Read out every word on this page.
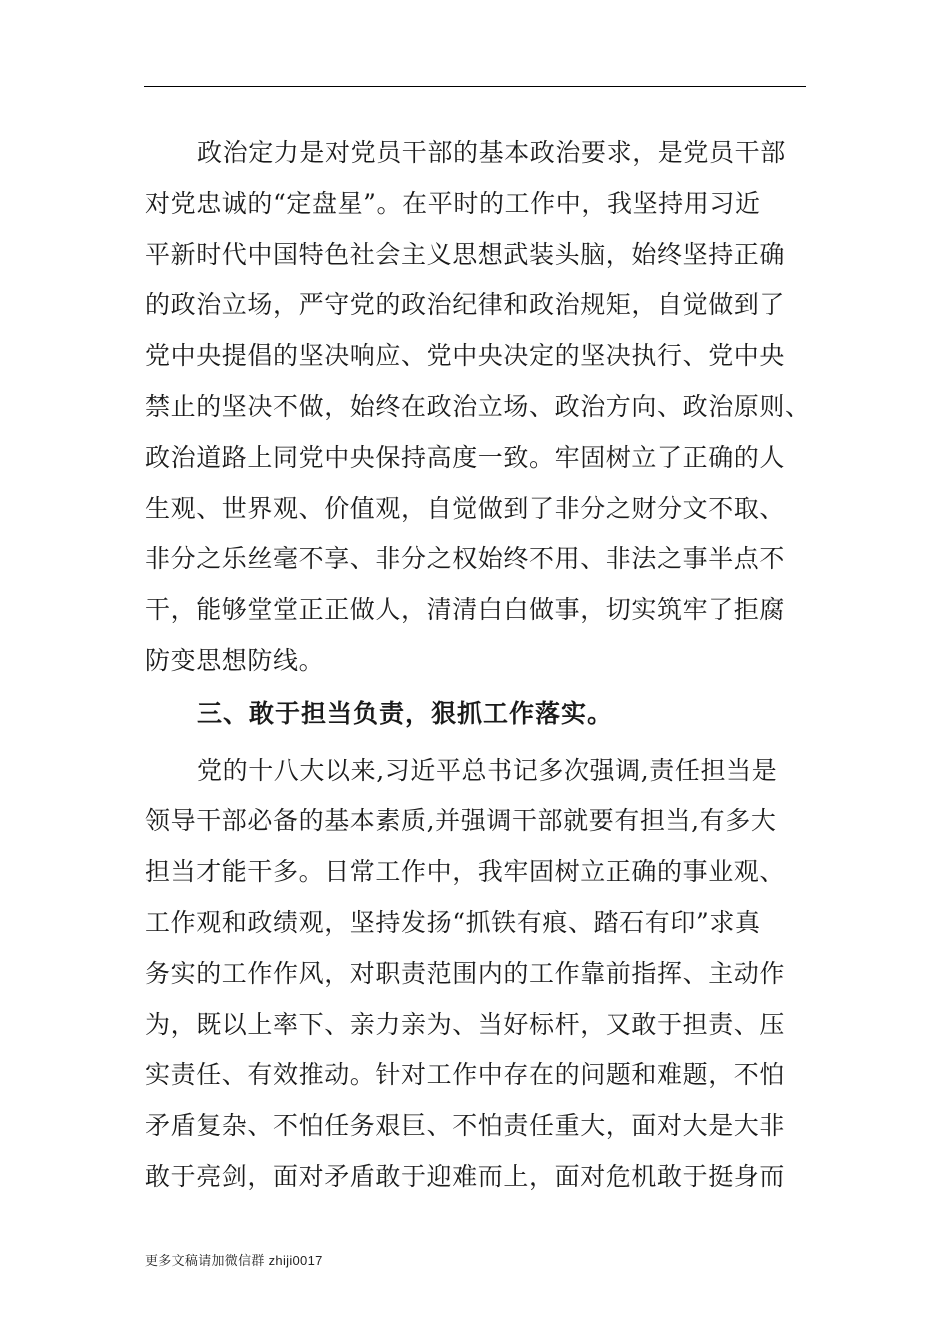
政治定力是对党员干部的基本政治要求，是党员干部
对党忠诚的“定盘星”。在平时的工作中，我坚持用习近
平新时代中国特色社会主义思想武装头脑，始终坚持正确
的政治立场，严守党的政治纪律和政治规矩，自觉做到了
党中央提倡的坚决响应、党中央决定的坚决执行、党中央
禁止的坚决不做，始终在政治立场、政治方向、政治原则、
政治道路上同党中央保持高度一致。牢固树立了正确的人
生观、世界观、价值观，自觉做到了非分之财分文不取、
非分之乐丝毫不享、非分之权始终不用、非法之事半点不
干，能够堂堂正正做人，清清白白做事，切实筑牢了拒腐
防变思想防线。
三、敢于担当负责，狠抓工作落实。
党的十八大以来,习近平总书记多次强调,责任担当是
领导干部必备的基本素质,并强调干部就要有担当,有多大
担当才能干多。日常工作中，我牢固树立正确的事业观、
工作观和政绩观，坚持发扬“抓铁有痕、踏石有印”求真
务实的工作作风，对职责范围内的工作靠前指挥、主动作
为，既以上率下、亲力亲为、当好标杆，又敢于担责、压
实责任、有效推动。针对工作中存在的问题和难题，不怕
矛盾复杂、不怕任务艰巨、不怕责任重大，面对大是大非
敢于亮剑，面对矛盾敢于迎难而上，面对危机敢于挺身而
更多文稿请加微信群 zhiji0017
